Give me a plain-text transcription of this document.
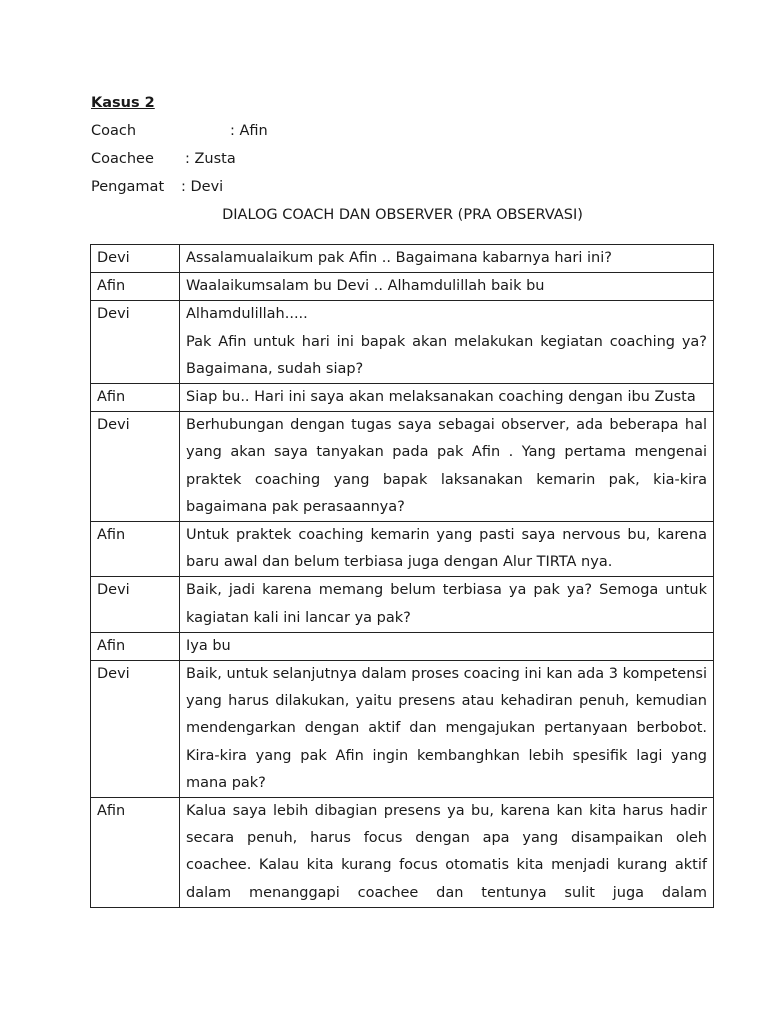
Kasus 2
Coach	: Afin
Coachee : Zusta
Pengamat : Devi
DIALOG COACH DAN OBSERVER (PRA OBSERVASI)
Devi	Assalamualaikum pak Afin .. Bagaimana kabarnya hari ini?

Afin	Waalaikumsalam bu Devi .. Alhamdulillah baik bu

Devi	Alhamdulillah.....
Pak Afin untuk hari ini bapak akan melakukan kegiatan coaching ya? Bagaimana, sudah siap?

Afin	Siap bu.. Hari ini saya akan melaksanakan coaching dengan ibu Zusta

Devi	Berhubungan dengan tugas saya sebagai observer, ada beberapa hal yang akan saya tanyakan pada pak Afin . Yang pertama mengenai praktek coaching yang bapak laksanakan kemarin pak, kia-kira bagaimana pak perasaannya?

Afin	Untuk praktek coaching kemarin yang pasti saya nervous bu, karena baru awal dan belum terbiasa juga dengan Alur TIRTA nya.

Devi	Baik, jadi karena memang belum terbiasa ya pak ya? Semoga untuk kagiatan kali ini lancar ya pak?

Afin	Iya bu

Devi	Baik, untuk selanjutnya dalam proses coacing ini kan ada 3 kompetensi yang harus dilakukan, yaitu presens atau kehadiran penuh, kemudian mendengarkan dengan aktif dan mengajukan pertanyaan berbobot. Kira-kira yang pak Afin ingin kembanghkan lebih spesifik lagi yang mana pak?

Afin	Kalua saya lebih dibagian presens ya bu, karena kan kita harus hadir secara penuh, harus focus dengan apa yang disampaikan oleh coachee. Kalau kita kurang focus otomatis kita menjadi kurang aktif dalam menanggapi coachee dan tentunya sulit juga dalam
